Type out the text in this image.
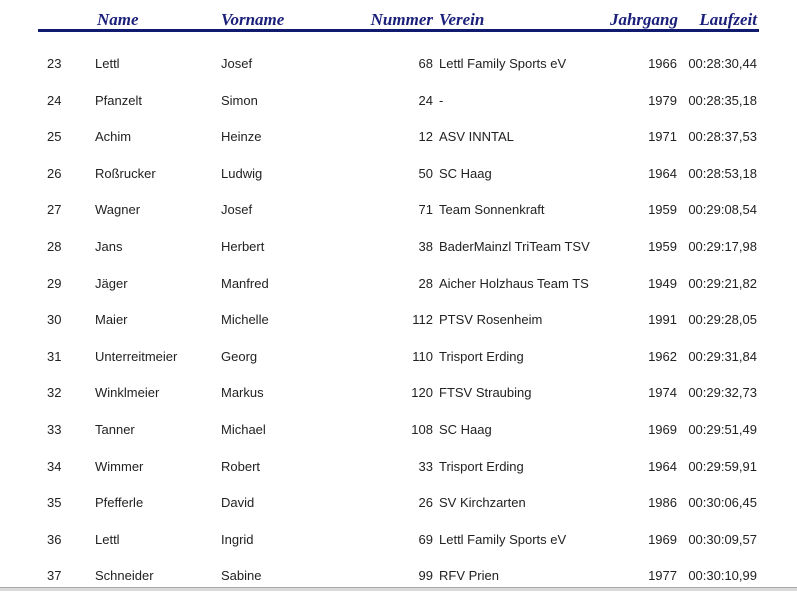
Name	Vorname	Nummer Verein	Jahrgang Laufzeit
23	Lettl	Josef	68 Lettl Family Sports eV	1966 00:28:30,44
24	Pfanzelt	Simon	24 -	1979 00:28:35,18
25	Achim	Heinze	12 ASV INNTAL	1971 00:28:37,53
26	Roßrucker	Ludwig	50 SC Haag	1964 00:28:53,18
27	Wagner	Josef	71 Team Sonnenkraft	1959 00:29:08,54
28	Jans	Herbert	38 BaderMainzl TriTeam TSV	1959 00:29:17,98
29	Jäger	Manfred	28 Aicher Holzhaus Team TS	1949 00:29:21,82
30	Maier	Michelle	112 PTSV Rosenheim	1991 00:29:28,05
31	Unterreitmeier	Georg	110 Trisport Erding	1962 00:29:31,84
32	Winklmeier	Markus	120 FTSV Straubing	1974 00:29:32,73
33	Tanner	Michael	108 SC Haag	1969 00:29:51,49
34	Wimmer	Robert	33 Trisport Erding	1964 00:29:59,91
35	Pfefferle	David	26 SV Kirchzarten	1986 00:30:06,45
36	Lettl	Ingrid	69 Lettl Family Sports eV	1969 00:30:09,57
37	Schneider	Sabine	99 RFV Prien	1977 00:30:10,99
